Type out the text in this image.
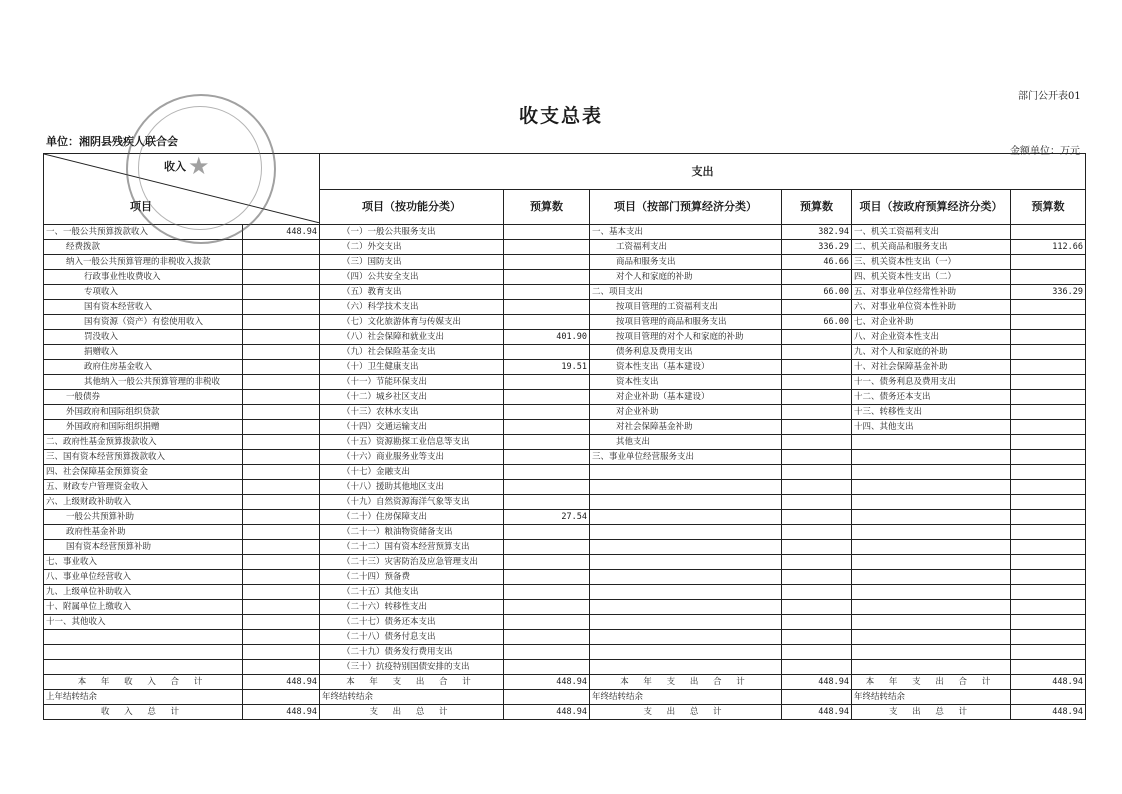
部门公开表01
收支总表
单位：湘阴县残疾人联合会
金额单位：万元
收入
项目		支出					
		项目（按功能分类）	预算数	项目（按部门预算经济分类）	预算数	项目（按政府预算经济分类）	预算数
一、一般公共预算拨款收入	448.94	（一）一般公共服务支出		一、基本支出	382.94	一、机关工资福利支出	
经费拨款		（二）外交支出		工资福利支出	336.29	二、机关商品和服务支出	112.66
纳入一般公共预算管理的非税收入拨款		（三）国防支出		商品和服务支出	46.66	三、机关资本性支出（一）	
行政事业性收费收入		（四）公共安全支出		对个人和家庭的补助		四、机关资本性支出（二）	
专项收入		（五）教育支出		二、项目支出	66.00	五、对事业单位经常性补助	336.29
国有资本经营收入		（六）科学技术支出		按项目管理的工资福利支出		六、对事业单位资本性补助	
国有资源（资产）有偿使用收入		（七）文化旅游体育与传媒支出		按项目管理的商品和服务支出	66.00	七、对企业补助	
罚没收入		（八）社会保障和就业支出	401.90	按项目管理的对个人和家庭的补助		八、对企业资本性支出	
捐赠收入		（九）社会保险基金支出		债务利息及费用支出		九、对个人和家庭的补助	
政府住房基金收入		（十）卫生健康支出	19.51	资本性支出（基本建设）		十、对社会保障基金补助	
其他纳入一般公共预算管理的非税收		（十一）节能环保支出		资本性支出		十一、债务利息及费用支出	
一般债券		（十二）城乡社区支出		对企业补助（基本建设）		十二、债务还本支出	
外国政府和国际组织贷款		（十三）农林水支出		对企业补助		十三、转移性支出	
外国政府和国际组织捐赠		（十四）交通运输支出		对社会保障基金补助		十四、其他支出	
二、政府性基金预算拨款收入		（十五）资源勘探工业信息等支出		其他支出			
三、国有资本经营预算拨款收入		（十六）商业服务业等支出		三、事业单位经营服务支出			
四、社会保障基金预算资金		（十七）金融支出					
五、财政专户管理资金收入		（十八）援助其他地区支出					
六、上级财政补助收入		（十九）自然资源海洋气象等支出					
一般公共预算补助		（二十）住房保障支出	27.54				
政府性基金补助		（二十一）粮油物资储备支出					
国有资本经营预算补助		（二十二）国有资本经营预算支出					
七、事业收入		（二十三）灾害防治及应急管理支出					
八、事业单位经营收入		（二十四）预备费					
九、上级单位补助收入		（二十五）其他支出					
十、附属单位上缴收入		（二十六）转移性支出					
十一、其他收入		（二十七）债务还本支出					
		（二十八）债务付息支出					
		（二十九）债务发行费用支出					
		（三十）抗疫特别国债安排的支出					
本 年 收 入 合 计	448.94	本 年 支 出 合 计	448.94	本 年 支 出 合 计	448.94	本 年 支 出 合 计	448.94
上年结转结余		年终结转结余		年终结转结余		年终结转结余	
收 入 总 计	448.94	支 出 总 计	448.94	支 出 总 计	448.94	支 出 总 计	448.94
★
